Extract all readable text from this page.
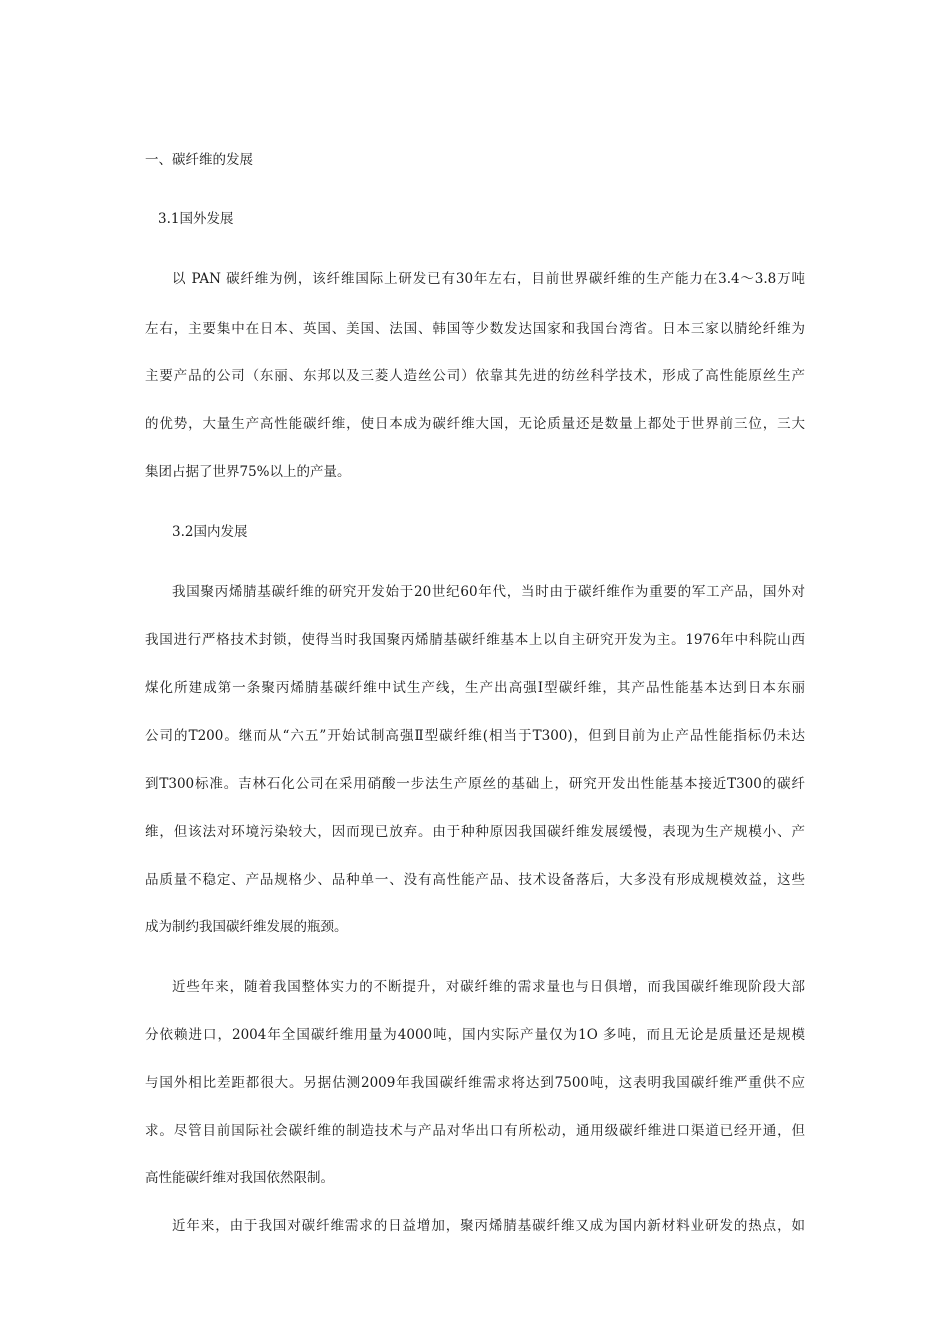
一、碳纤维的发展
3.1国外发展
以 PAN 碳纤维为例，该纤维国际上研发已有30年左右，目前世界碳纤维的生产能力在3.4～3.8万吨
左右，主要集中在日本、英国、美国、法国、韩国等少数发达国家和我国台湾省。日本三家以腈纶纤维为
主要产品的公司（东丽、东邦以及三菱人造丝公司）依靠其先进的纺丝科学技术，形成了高性能原丝生产
的优势，大量生产高性能碳纤维，使日本成为碳纤维大国，无论质量还是数量上都处于世界前三位，三大
集团占据了世界75%以上的产量。
3.2国内发展
我国聚丙烯腈基碳纤维的研究开发始于20世纪60年代，当时由于碳纤维作为重要的军工产品，国外对
我国进行严格技术封锁，使得当时我国聚丙烯腈基碳纤维基本上以自主研究开发为主。1976年中科院山西
煤化所建成第一条聚丙烯腈基碳纤维中试生产线，生产出高强Ⅰ型碳纤维，其产品性能基本达到日本东丽
公司的T200。继而从“六五”开始试制高强Ⅱ型碳纤维(相当于T300)，但到目前为止产品性能指标仍未达
到T300标准。吉林石化公司在采用硝酸一步法生产原丝的基础上，研究开发出性能基本接近T300的碳纤
维，但该法对环境污染较大，因而现已放弃。由于种种原因我国碳纤维发展缓慢，表现为生产规模小、产
品质量不稳定、产品规格少、品种单一、没有高性能产品、技术设备落后，大多没有形成规模效益，这些
成为制约我国碳纤维发展的瓶颈。
近些年来，随着我国整体实力的不断提升，对碳纤维的需求量也与日俱增，而我国碳纤维现阶段大部
分依赖进口，2004年全国碳纤维用量为4000吨，国内实际产量仅为1O 多吨，而且无论是质量还是规模
与国外相比差距都很大。另据估测2009年我国碳纤维需求将达到7500吨，这表明我国碳纤维严重供不应
求。尽管目前国际社会碳纤维的制造技术与产品对华出口有所松动，通用级碳纤维进口渠道已经开通，但
高性能碳纤维对我国依然限制。
近年来，由于我国对碳纤维需求的日益增加，聚丙烯腈基碳纤维又成为国内新材料业研发的热点，如
